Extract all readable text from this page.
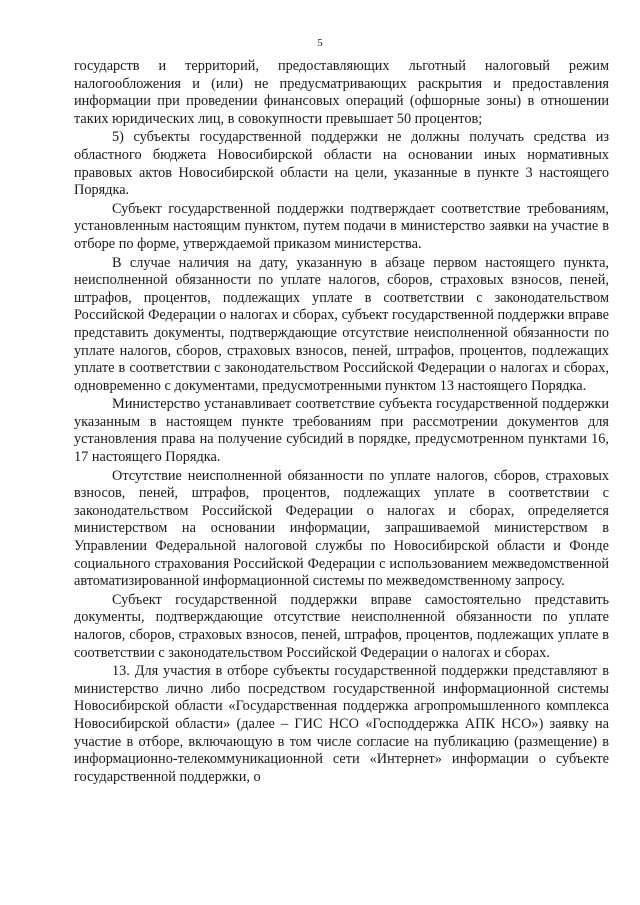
5

государств и территорий, предоставляющих льготный налоговый режим налогообложения и (или) не предусматривающих раскрытия и предоставления информации при проведении финансовых операций (офшорные зоны) в отношении таких юридических лиц, в совокупности превышает 50 процентов;

5) субъекты государственной поддержки не должны получать средства из областного бюджета Новосибирской области на основании иных нормативных правовых актов Новосибирской области на цели, указанные в пункте 3 настоящего Порядка.

Субъект государственной поддержки подтверждает соответствие требованиям, установленным настоящим пунктом, путем подачи в министерство заявки на участие в отборе по форме, утверждаемой приказом министерства.

В случае наличия на дату, указанную в абзаце первом настоящего пункта, неисполненной обязанности по уплате налогов, сборов, страховых взносов, пеней, штрафов, процентов, подлежащих уплате в соответствии с законодательством Российской Федерации о налогах и сборах, субъект государственной поддержки вправе представить документы, подтверждающие отсутствие неисполненной обязанности по уплате налогов, сборов, страховых взносов, пеней, штрафов, процентов, подлежащих уплате в соответствии с законодательством Российской Федерации о налогах и сборах, одновременно с документами, предусмотренными пунктом 13 настоящего Порядка.

Министерство устанавливает соответствие субъекта государственной поддержки указанным в настоящем пункте требованиям при рассмотрении документов для установления права на получение субсидий в порядке, предусмотренном пунктами 16, 17 настоящего Порядка.

Отсутствие неисполненной обязанности по уплате налогов, сборов, страховых взносов, пеней, штрафов, процентов, подлежащих уплате в соответствии с законодательством Российской Федерации о налогах и сборах, определяется министерством на основании информации, запрашиваемой министерством в Управлении Федеральной налоговой службы по Новосибирской области и Фонде социального страхования Российской Федерации с использованием межведомственной автоматизированной информационной системы по межведомственному запросу.

Субъект государственной поддержки вправе самостоятельно представить документы, подтверждающие отсутствие неисполненной обязанности по уплате налогов, сборов, страховых взносов, пеней, штрафов, процентов, подлежащих уплате в соответствии с законодательством Российской Федерации о налогах и сборах.

13. Для участия в отборе субъекты государственной поддержки представляют в министерство лично либо посредством государственной информационной системы Новосибирской области «Государственная поддержка агропромышленного комплекса Новосибирской области» (далее – ГИС НСО «Господдержка АПК НСО») заявку на участие в отборе, включающую в том числе согласие на публикацию (размещение) в информационно-телекоммуникационной сети «Интернет» информации о субъекте государственной поддержки, о
